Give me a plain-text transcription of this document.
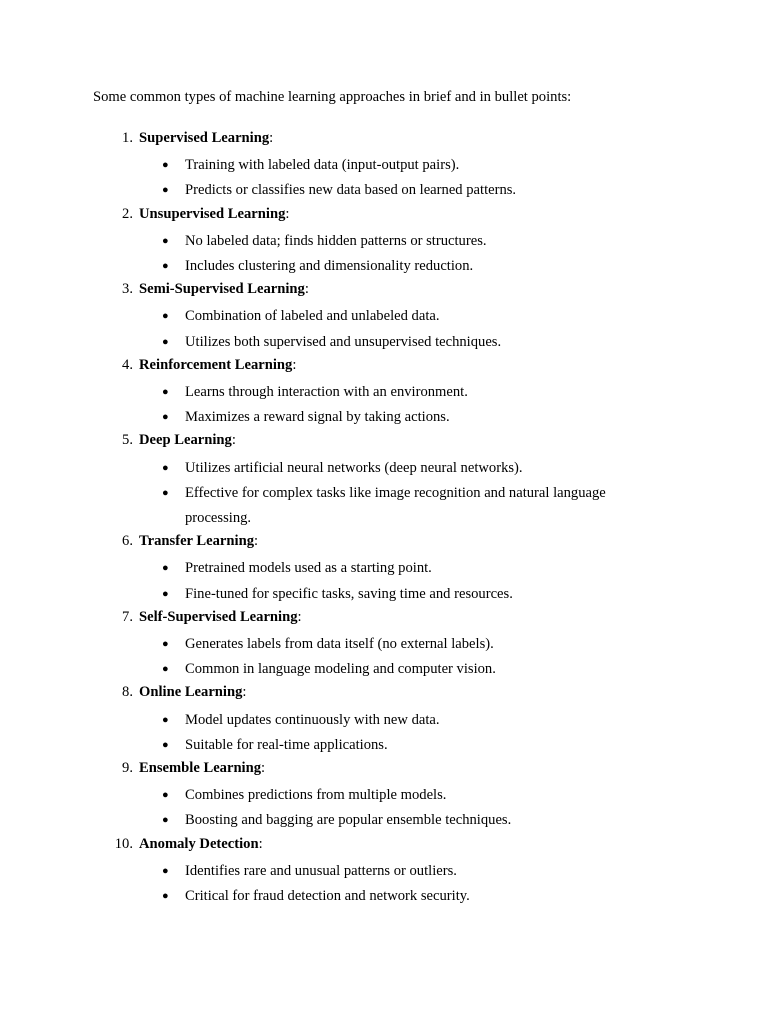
Some common types of machine learning approaches in brief and in bullet points:
1. Supervised Learning:
● Training with labeled data (input-output pairs).
● Predicts or classifies new data based on learned patterns.
2. Unsupervised Learning:
● No labeled data; finds hidden patterns or structures.
● Includes clustering and dimensionality reduction.
3. Semi-Supervised Learning:
● Combination of labeled and unlabeled data.
● Utilizes both supervised and unsupervised techniques.
4. Reinforcement Learning:
● Learns through interaction with an environment.
● Maximizes a reward signal by taking actions.
5. Deep Learning:
● Utilizes artificial neural networks (deep neural networks).
● Effective for complex tasks like image recognition and natural language processing.
6. Transfer Learning:
● Pretrained models used as a starting point.
● Fine-tuned for specific tasks, saving time and resources.
7. Self-Supervised Learning:
● Generates labels from data itself (no external labels).
● Common in language modeling and computer vision.
8. Online Learning:
● Model updates continuously with new data.
● Suitable for real-time applications.
9. Ensemble Learning:
● Combines predictions from multiple models.
● Boosting and bagging are popular ensemble techniques.
10. Anomaly Detection:
● Identifies rare and unusual patterns or outliers.
● Critical for fraud detection and network security.
